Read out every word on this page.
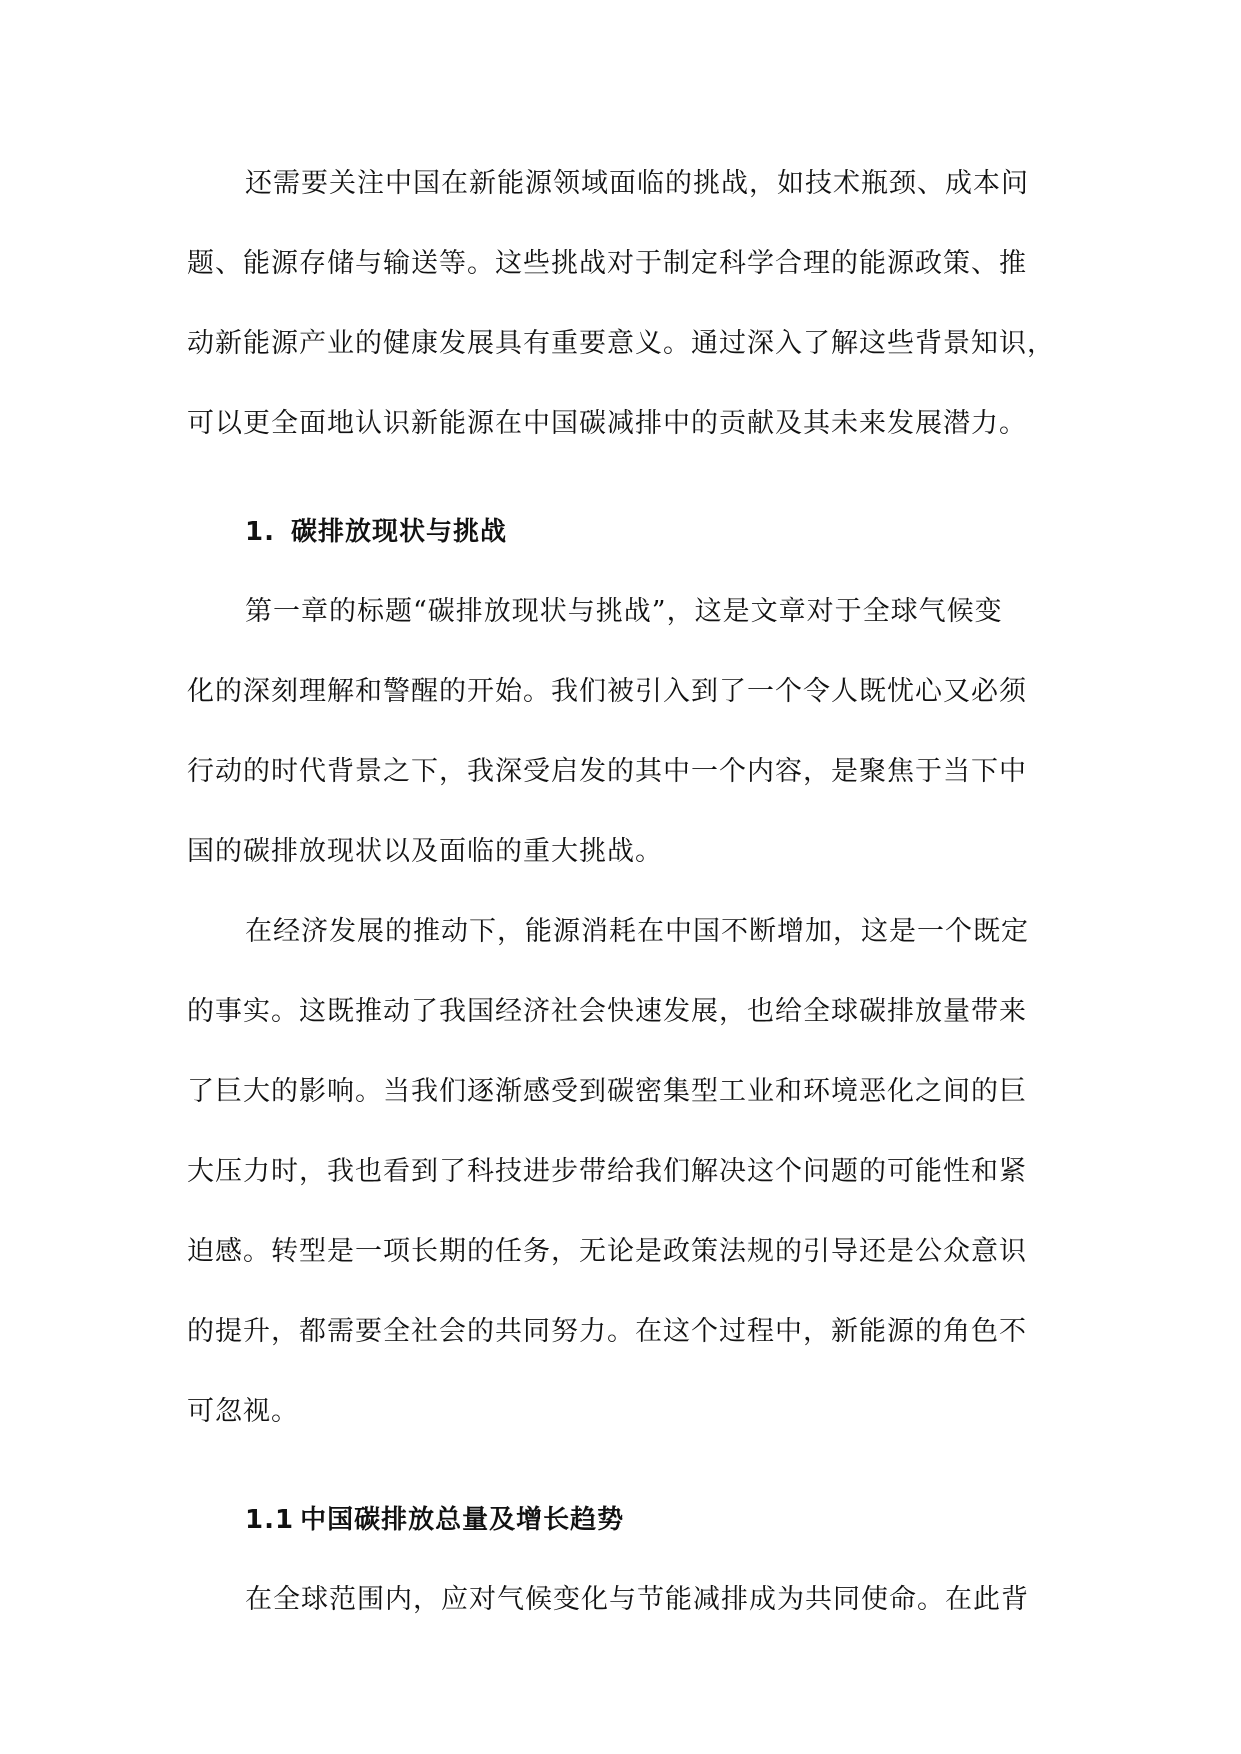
还需要关注中国在新能源领域面临的挑战，如技术瓶颈、成本问
题、能源存储与输送等。这些挑战对于制定科学合理的能源政策、推
动新能源产业的健康发展具有重要意义。通过深入了解这些背景知识，
可以更全面地认识新能源在中国碳减排中的贡献及其未来发展潜力。
1. 碳排放现状与挑战
第一章的标题“碳排放现状与挑战”，这是文章对于全球气候变
化的深刻理解和警醒的开始。我们被引入到了一个令人既忧心又必须
行动的时代背景之下，我深受启发的其中一个内容，是聚焦于当下中
国的碳排放现状以及面临的重大挑战。
在经济发展的推动下，能源消耗在中国不断增加，这是一个既定
的事实。这既推动了我国经济社会快速发展，也给全球碳排放量带来
了巨大的影响。当我们逐渐感受到碳密集型工业和环境恶化之间的巨
大压力时，我也看到了科技进步带给我们解决这个问题的可能性和紧
迫感。转型是一项长期的任务，无论是政策法规的引导还是公众意识
的提升，都需要全社会的共同努力。在这个过程中，新能源的角色不
可忽视。
1.1 中国碳排放总量及增长趋势
在全球范围内，应对气候变化与节能减排成为共同使命。在此背
